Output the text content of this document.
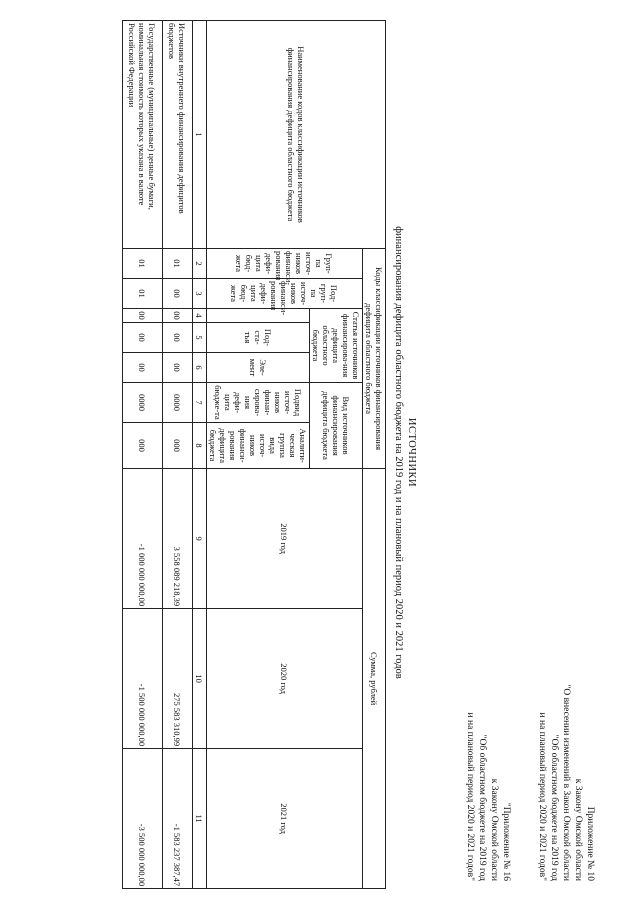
Приложение № 10
к Закону Омской области
"О внесении изменений в Закон Омской области
"Об областном бюджете на 2019 год
и на плановый период 2020 и 2021 годов"
"Приложение № 16
к Закону Омской области
"Об областном бюджете на 2019 год
и на плановый период 2020 и 2021 годов"
ИСТОЧНИКИ
финансирования дефицита областного бюджета на 2019 год и на плановый период 2020 и 2021 годов
Наименование кодов классификации источников финансирования дефицита областного бюджета	Коды классификации источников финансирования дефицита областного бюджета							Сумма, рублей		
	Груп-па источ-ников финанси-рования дефи-цита бюд-жета	Под-груп-па источ-ников финанси-рования дефи-цита бюд-жета	Статья источников финансирова-ния дефицита областного бюджета			Вид источников финансирования дефицита бюджета		2019 год	2020 год	2021 год
				Под-ста-тья	Эле-мент	Подвид источ-ников финан-сирова-ния дефи-цита бюдже-та	Аналити-ческая группа вида источ-ников финанси-рования дефицита бюджета			

1	2	3	4	5	6	7	8	9	10	11
Источники внутреннего финансирования дефицитов бюджетов	01	00	00	00	00	0000	000	3 558 089 218,39	275 583 310,99	-1 583 237 387,47
Государственные (муниципальные) ценные бумаги, номинальная стоимость которых указана в валюте Российской Федерации	01	01	00	00	00	0000	000	-1 000 000 000,00	-1 500 000 000,00	-3 500 000 000,00
